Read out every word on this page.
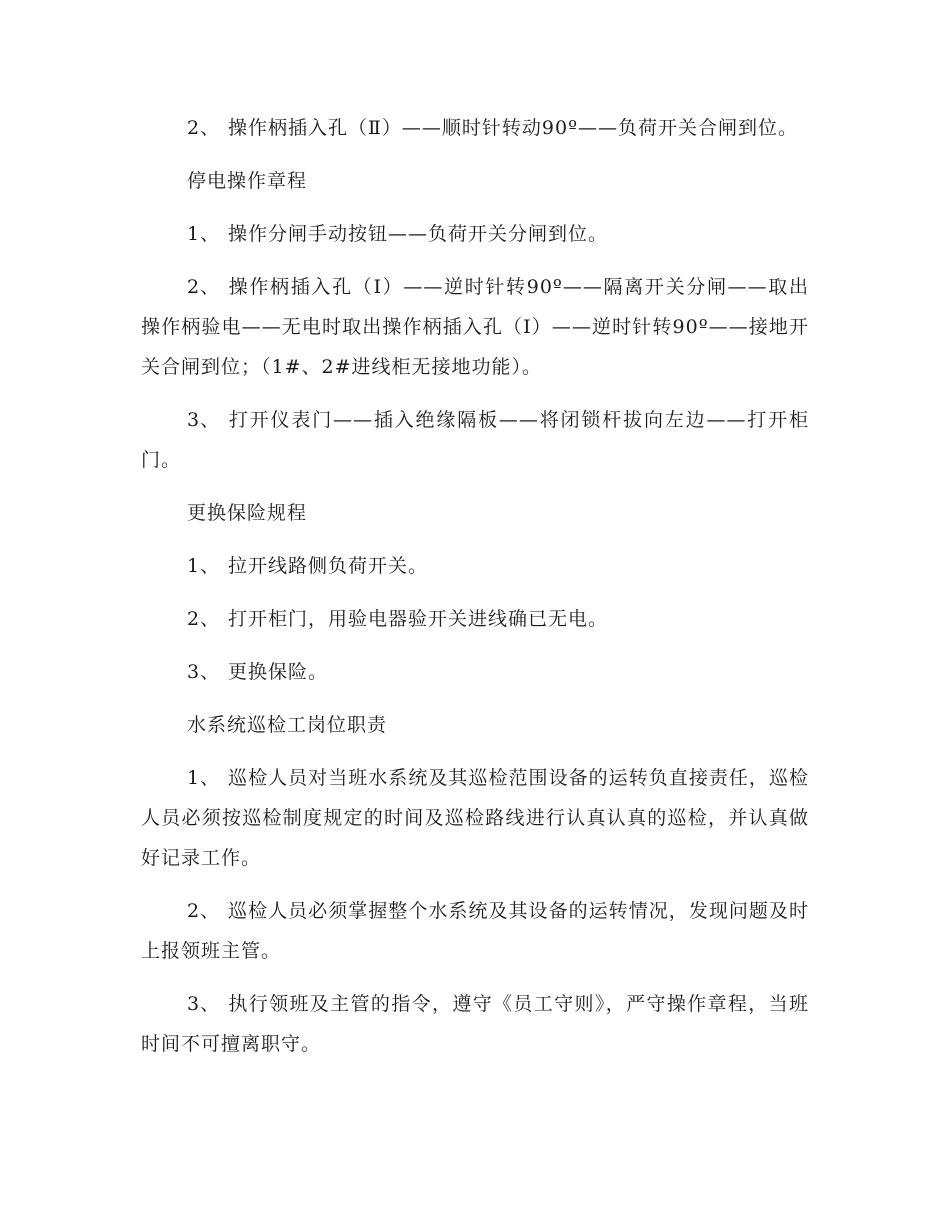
2、 操作柄插入孔（Ⅱ）——顺时针转动90º——负荷开关合闸到位。

停电操作章程

1、 操作分闸手动按钮——负荷开关分闸到位。

2、 操作柄插入孔（Ⅰ）——逆时针转90º——隔离开关分闸——取出操作柄验电——无电时取出操作柄插入孔（Ⅰ）——逆时针转90º——接地开关合闸到位；（1#、2#进线柜无接地功能）。

3、 打开仪表门——插入绝缘隔板——将闭锁杆拔向左边——打开柜门。

更换保险规程

1、 拉开线路侧负荷开关。

2、 打开柜门，用验电器验开关进线确已无电。

3、 更换保险。

水系统巡检工岗位职责

1、 巡检人员对当班水系统及其巡检范围设备的运转负直接责任，巡检人员必须按巡检制度规定的时间及巡检路线进行认真认真的巡检，并认真做好记录工作。

2、 巡检人员必须掌握整个水系统及其设备的运转情况，发现问题及时上报领班主管。

3、 执行领班及主管的指令，遵守《员工守则》，严守操作章程，当班时间不可擅离职守。
